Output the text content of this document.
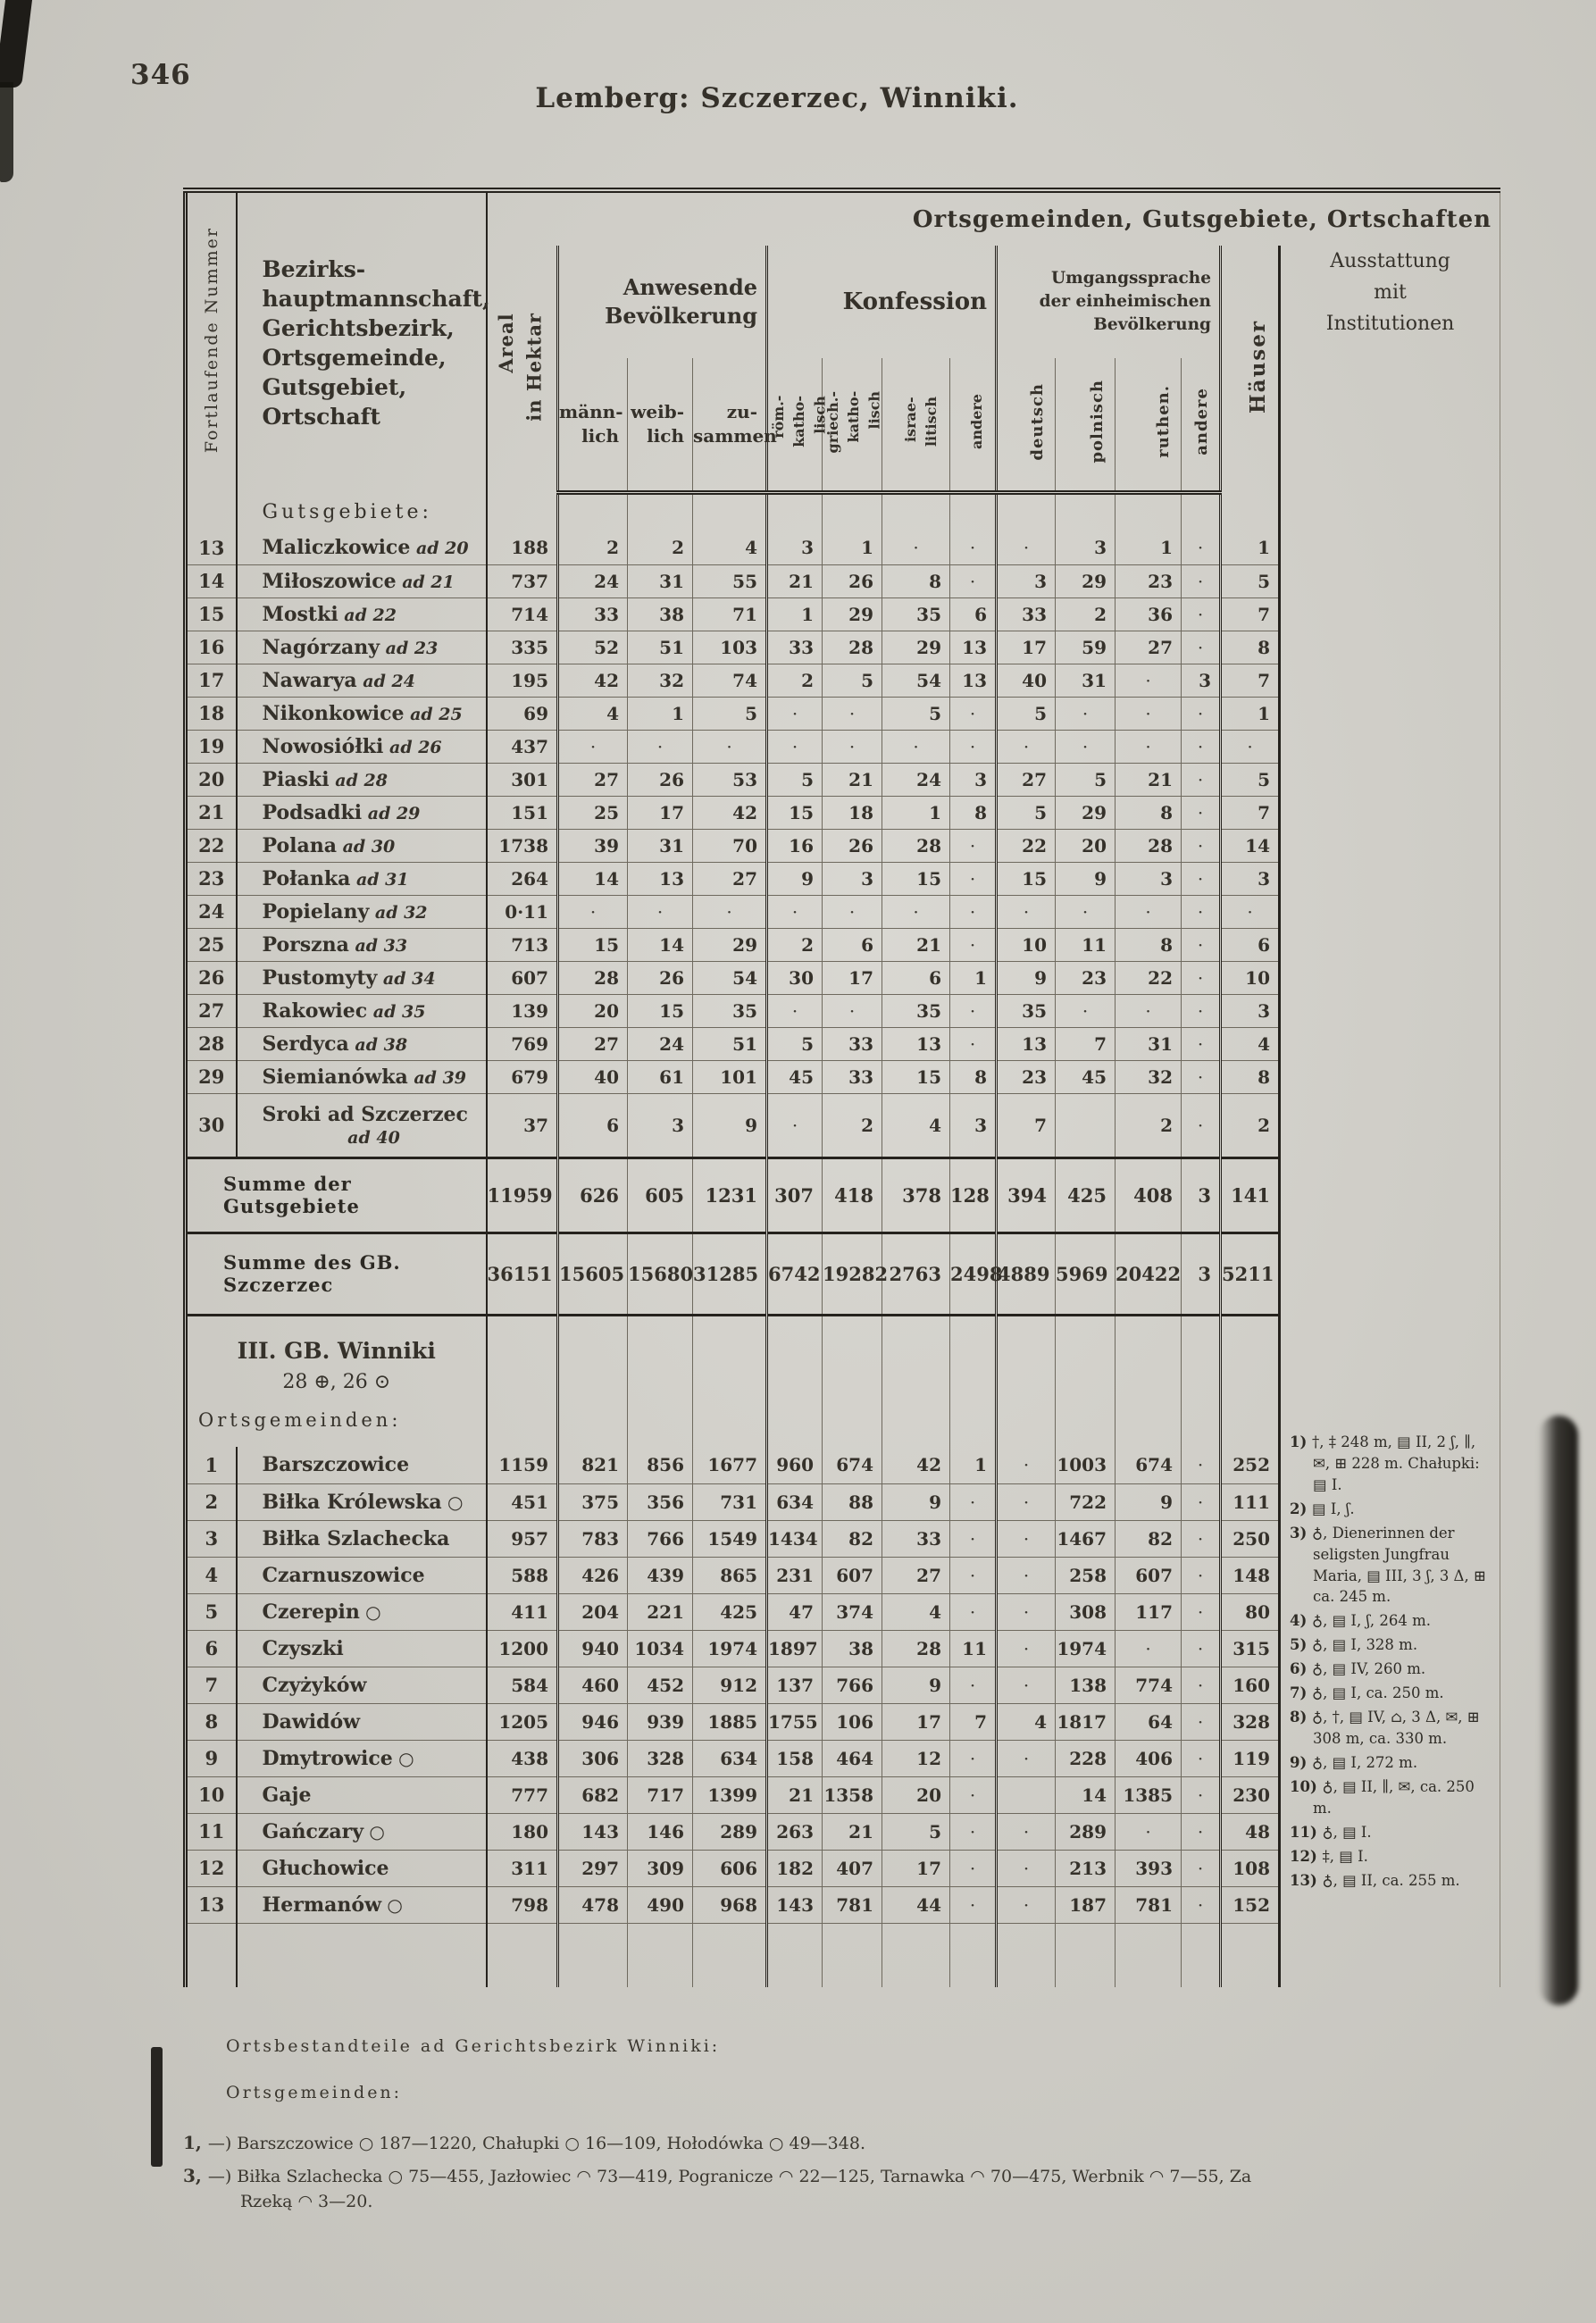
346
Lemberg: Szczerzec, Winniki.
Fortlaufende Nummer	Bezirks-
hauptmannschaft,
Gerichtsbezirk,
Ortsgemeinde,
Gutsgebiet,
Ortschaft	Ortsgemeinden, Gutsgebiete, Ortschaften
		Areal
in Hektar	Anwesende
Bevölkerung			Konfession				Umgangssprache
der einheimischen
Bevölkerung				Häuser	Ausstattung
mit
Institutionen
			männ-
lich	weib-
lich	zu-
sammen	röm.-
katho-
lisch	griech.-
katho-
lisch	israe-
litisch	andere	deutsch	polnisch	ruthen.	andere		
	Gutsgebiete:														
1) †, ‡ 248 m, ▤ II, 2 ʃ, ∥, ✉, ⊞ 228 m. Chałupki: ▤ I.
2) ▤ I, ʃ.
3) ♁, Dienerinnen der seligsten Jungfrau Maria, ▤ III, 3 ʃ, 3 Δ, ⊞ ca. 245 m.
4) ♁, ▤ I, ʃ, 264 m.
5) ♁, ▤ I, 328 m.
6) ♁, ▤ IV, 260 m.
7) ♁, ▤ I, ca. 250 m.
8) ♁, †, ▤ IV, ⌂, 3 Δ, ✉, ⊞ 308 m, ca. 330 m.
9) ♁, ▤ I, 272 m.
10) ♁, ▤ II, ∥, ✉, ca. 250 m.
11) ♁, ▤ I.
12) ‡, ▤ I.
13) ♁, ▤ II, ca. 255 m.

13	Maliczkowice ad 20	188	2	2	4	3	1	·	·	·	3	1	·	1	
14	Miłoszowice ad 21	737	24	31	55	21	26	8	·	3	29	23	·	5	
15	Mostki ad 22	714	33	38	71	1	29	35	6	33	2	36	·	7	
16	Nagórzany ad 23	335	52	51	103	33	28	29	13	17	59	27	·	8	
17	Nawarya ad 24	195	42	32	74	2	5	54	13	40	31	·	3	7	
18	Nikonkowice ad 25	69	4	1	5	·	·	5	·	5	·	·	·	1	
19	Nowosiółki ad 26	437	·	·	·	·	·	·	·	·	·	·	·	·	
20	Piaski ad 28	301	27	26	53	5	21	24	3	27	5	21	·	5	
21	Podsadki ad 29	151	25	17	42	15	18	1	8	5	29	8	·	7	
22	Polana ad 30	1738	39	31	70	16	26	28	·	22	20	28	·	14	
23	Połanka ad 31	264	14	13	27	9	3	15	·	15	9	3	·	3	
24	Popielany ad 32	0·11	·	·	·	·	·	·	·	·	·	·	·	·	
25	Porszna ad 33	713	15	14	29	2	6	21	·	10	11	8	·	6	
26	Pustomyty ad 34	607	28	26	54	30	17	6	1	9	23	22	·	10	
27	Rakowiec ad 35	139	20	15	35	·	·	35	·	35	·	·	·	3	
28	Serdyca ad 38	769	27	24	51	5	33	13	·	13	7	31	·	4	
29	Siemianówka ad 39	679	40	61	101	45	33	15	8	23	45	32	·	8	
30	Sroki ad Szczerzec
ad 40	37	6	3	9	·	2	4	3	7		2	·	2	
Summe der Gutsgebiete		11959	626	605	1231	307	418	378	128	394	425	408	3	141	
Summe des GB. Szczerzec		36151	15605	15680	31285	6742	19282	2763	2498	4889	5969	20422	3	5211	

III. GB. Winniki
28 ⊕, 26 ⊙
Ortsgemeinden:															

1	Barszczowice	1159	821	856	1677	960	674	42	1	·	1003	674	·	252	
2	Biłka Królewska ○	451	375	356	731	634	88	9	·	·	722	9	·	111	
3	Biłka Szlachecka	957	783	766	1549	1434	82	33	·	·	1467	82	·	250	
4	Czarnuszowice	588	426	439	865	231	607	27	·	·	258	607	·	148	
5	Czerepin ○	411	204	221	425	47	374	4	·	·	308	117	·	80	
6	Czyszki	1200	940	1034	1974	1897	38	28	11	·	1974	·	·	315	
7	Czyżyków	584	460	452	912	137	766	9	·	·	138	774	·	160	
8	Dawidów	1205	946	939	1885	1755	106	17	7	4	1817	64	·	328	
9	Dmytrowice ○	438	306	328	634	158	464	12	·	·	228	406	·	119	
10	Gaje	777	682	717	1399	21	1358	20	·		14	1385	·	230	
11	Gańczary ○	180	143	146	289	263	21	5	·	·	289	·	·	48	
12	Głuchowice	311	297	309	606	182	407	17	·	·	213	393	·	108	
13	Hermanów ○	798	478	490	968	143	781	44	·	·	187	781	·	152	

Ortsbestandteile ad Gerichtsbezirk Winniki:
Ortsgemeinden:
1, —) Barszczowice ○ 187—1220, Chałupki ○ 16—109, Hołodówka ○ 49—348.
3, —) Biłka Szlachecka ○ 75—455, Jazłowiec ◠ 73—419, Pogranicze ◠ 22—125, Tarnawka ◠ 70—475, Werbnik ◠ 7—55, Za Rzeką ◠ 3—20.
